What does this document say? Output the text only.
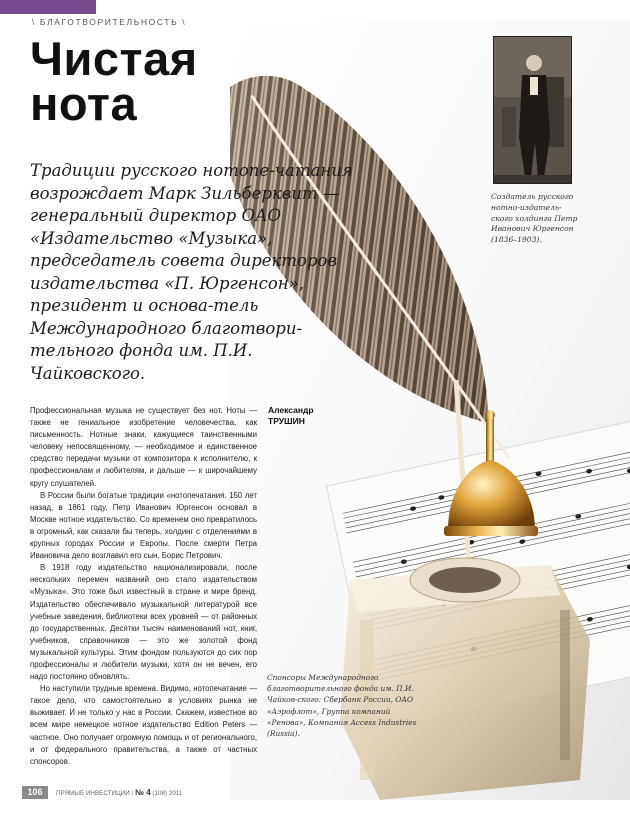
\ БЛАГОТВОРИТЕЛЬНОСТЬ \
Чистая
нота
Традиции русского нотопе-чатания возрождает Марк Зильберквит — генеральный директор ОАО «Издательство «Музыка», председатель совета директоров издательства «П. Юргенсон», президент и основа-тель Международного благотвори-тельного фонда им. П.И. Чайковского.
Создатель русского нотно-издатель-ского холдинга Петр Иванович Юргенсон (1836–1903).
Александр
ТРУШИН

Профессиональная музыка не существует без нот. Ноты — также не гениальное изобретение человечества, как письменность. Нотные знаки, кажущиеся таинственными человеку непосвященному, — необходимое и единственное средство передачи музыки от композитора к исполнителю, к профессионалам и любителям, и дальше — к широчайшему кругу слушателей.

В России были богатые традиции «нотопечатания. 150 лет назад, в 1861 году, Петр Иванович Юргенсон основал в Москве нотное издательство. Со временем оно превратилось в огромный, как сказали бы теперь, холдинг с отделениями в крупных городах России и Европы. После смерти Петра Ивановича дело возглавил его сын, Борис Петрович.

В 1918 году издательство национализировали, после нескольких перемен названий оно стало издательством «Музыка». Это тоже был известный в стране и мире бренд. Издательство обеспечивало музыкальной литературой все учебные заведения, библиотеки всех уровней — от районных до государственных. Десятки тысяч наименований нот, книг, учебников, справочников — это же золотой фонд музыкальной культуры. Этим фондом пользуются до сих пор профессионалы и любители музыки, хотя он не вечен, его надо постоянно обновлять.

Но наступили трудные времена. Видимо, нотопечатание — такое дело, что самостоятельно в условиях рынка не выживает. И не только у нас в России. Скажем, известное во всем мире немецкое нотное издательство Edition Peters — частное. Оно получает огромную помощь и от регионального, и от федерального правительства, а также от частных спонсоров.

Спонсоры Международного благотворительного фонда им. П.И. Чайков-ского: Сбербанк России, ОАО «Аэрофлот», Группа компаний «Ренова», Компания Access Industries (Russia).
106	ПРЯМЫЕ ИНВЕСТИЦИИ / № 4 (108) 2011
